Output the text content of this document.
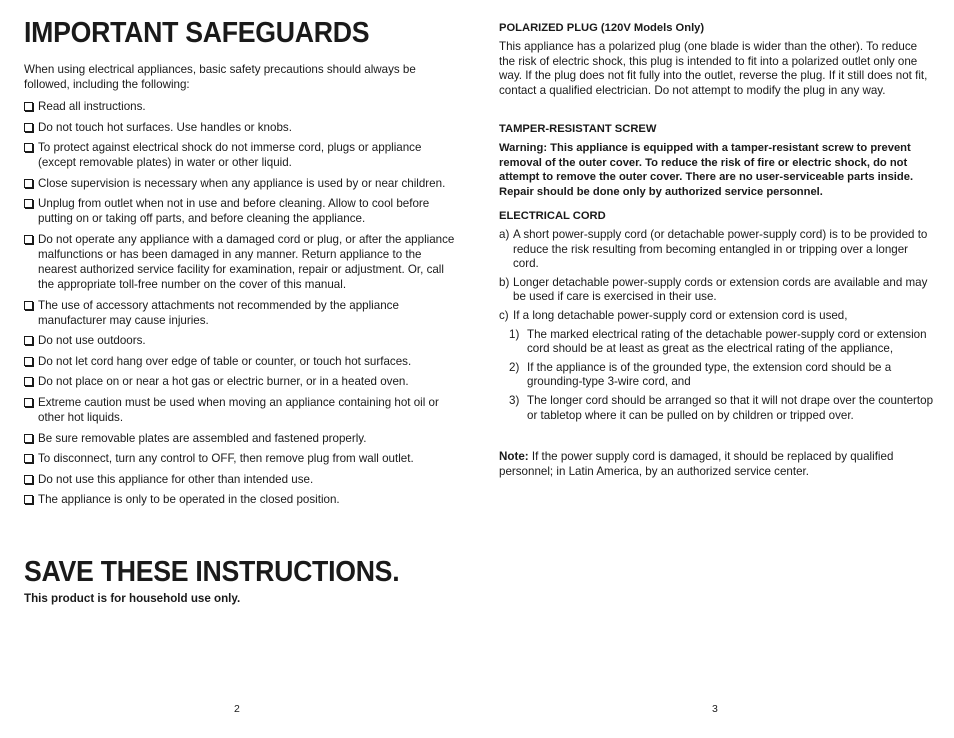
IMPORTANT SAFEGUARDS

When using electrical appliances, basic safety precautions should always be followed, including the following:

Read all instructions.
Do not touch hot surfaces. Use handles or knobs.
To protect against electrical shock do not immerse cord, plugs or appliance (except removable plates) in water or other liquid.
Close supervision is necessary when any appliance is used by or near children.
Unplug from outlet when not in use and before cleaning. Allow to cool before putting on or taking off parts, and before cleaning the appliance.
Do not operate any appliance with a damaged cord or plug, or after the appliance malfunctions or has been damaged in any manner. Return appliance to the nearest authorized service facility for examination, repair or adjustment. Or, call the appropriate toll-free number on the cover of this manual.
The use of accessory attachments not recommended by the appliance manufacturer may cause injuries.
Do not use outdoors.
Do not let cord hang over edge of table or counter, or touch hot surfaces.
Do not place on or near a hot gas or electric burner, or in a heated oven.
Extreme caution must be used when moving an appliance containing hot oil or other hot liquids.
Be sure removable plates are assembled and fastened properly.
To disconnect, turn any control to OFF, then remove plug from wall outlet.
Do not use this appliance for other than intended use.
The appliance is only to be operated in the closed position.
SAVE THESE INSTRUCTIONS.
This product is for household use only.
2
POLARIZED PLUG (120V Models Only)

This appliance has a polarized plug (one blade is wider than the other). To reduce the risk of electric shock, this plug is intended to fit into a polarized outlet only one way. If the plug does not fit fully into the outlet, reverse the plug. If it still does not fit, contact a qualified electrician. Do not attempt to modify the plug in any way.

TAMPER-RESISTANT SCREW

Warning: This appliance is equipped with a tamper-resistant screw to prevent removal of the outer cover. To reduce the risk of fire or electric shock, do not attempt to remove the outer cover. There are no user-serviceable parts inside. Repair should be done only by authorized service personnel.

ELECTRICAL CORD
a) A short power-supply cord (or detachable power-supply cord) is to be provided to reduce the risk resulting from becoming entangled in or tripping over a longer cord.
b) Longer detachable power-supply cords or extension cords are available and may be used if care is exercised in their use.
c) If a long detachable power-supply cord or extension cord is used,
1) The marked electrical rating of the detachable power-supply cord or extension cord should be at least as great as the electrical rating of the appliance,
2) If the appliance is of the grounded type, the extension cord should be a grounding-type 3-wire cord, and
3) The longer cord should be arranged so that it will not drape over the countertop or tabletop where it can be pulled on by children or tripped over.

Note: If the power supply cord is damaged, it should be replaced by qualified personnel; in Latin America, by an authorized service center.

3
